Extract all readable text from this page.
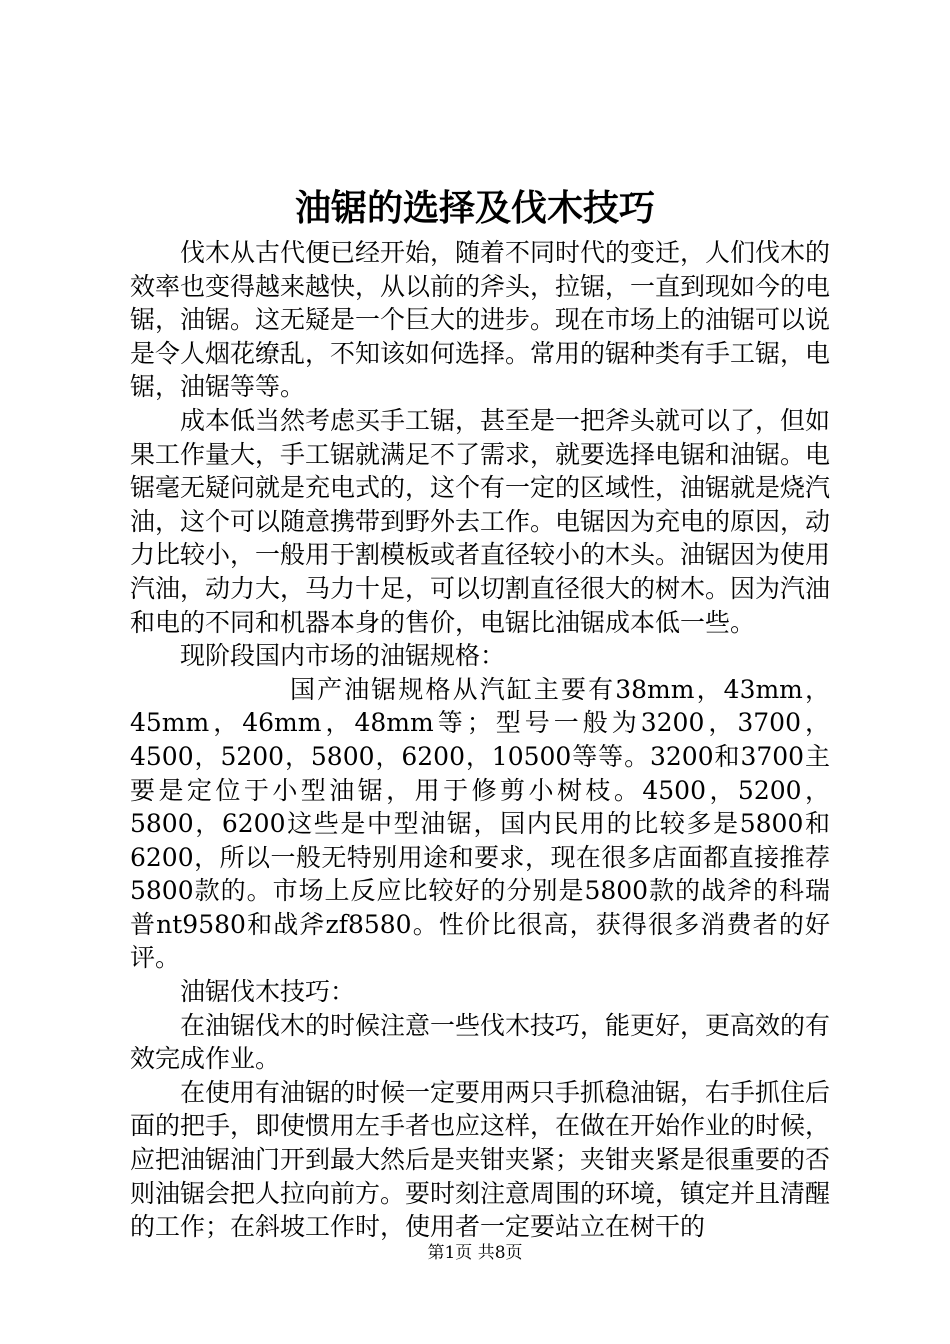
油锯的选择及伐木技巧

伐木从古代便已经开始，随着不同时代的变迁，人们伐木的效率也变得越来越快，从以前的斧头，拉锯，一直到现如今的电锯，油锯。这无疑是一个巨大的进步。现在市场上的油锯可以说是令人烟花缭乱，不知该如何选择。常用的锯种类有手工锯，电锯，油锯等等。

成本低当然考虑买手工锯，甚至是一把斧头就可以了，但如果工作量大，手工锯就满足不了需求，就要选择电锯和油锯。电锯毫无疑问就是充电式的，这个有一定的区域性，油锯就是烧汽油，这个可以随意携带到野外去工作。电锯因为充电的原因，动力比较小，一般用于割模板或者直径较小的木头。油锯因为使用汽油，动力大，马力十足，可以切割直径很大的树木。因为汽油和电的不同和机器本身的售价，电锯比油锯成本低一些。

现阶段国内市场的油锯规格：

国产油锯规格从汽缸主要有38mm，43mm，45mm，46mm，48mm等；型号一般为3200，3700，4500，5200，5800，6200，10500等等。3200和3700主要是定位于小型油锯，用于修剪小树枝。4500，5200，5800，6200这些是中型油锯，国内民用的比较多是5800和6200，所以一般无特别用途和要求，现在很多店面都直接推荐5800款的。市场上反应比较好的分别是5800款的战斧的科瑞普nt9580和战斧zf8580。性价比很高，获得很多消费者的好评。

油锯伐木技巧：

在油锯伐木的时候注意一些伐木技巧，能更好，更高效的有效完成作业。

在使用有油锯的时候一定要用两只手抓稳油锯，右手抓住后面的把手，即使惯用左手者也应这样，在做在开始作业的时候，应把油锯油门开到最大然后是夹钳夹紧；夹钳夹紧是很重要的否则油锯会把人拉向前方。要时刻注意周围的环境，镇定并且清醒的工作；在斜坡工作时，使用者一定要站立在树干的

第1页 共8页
